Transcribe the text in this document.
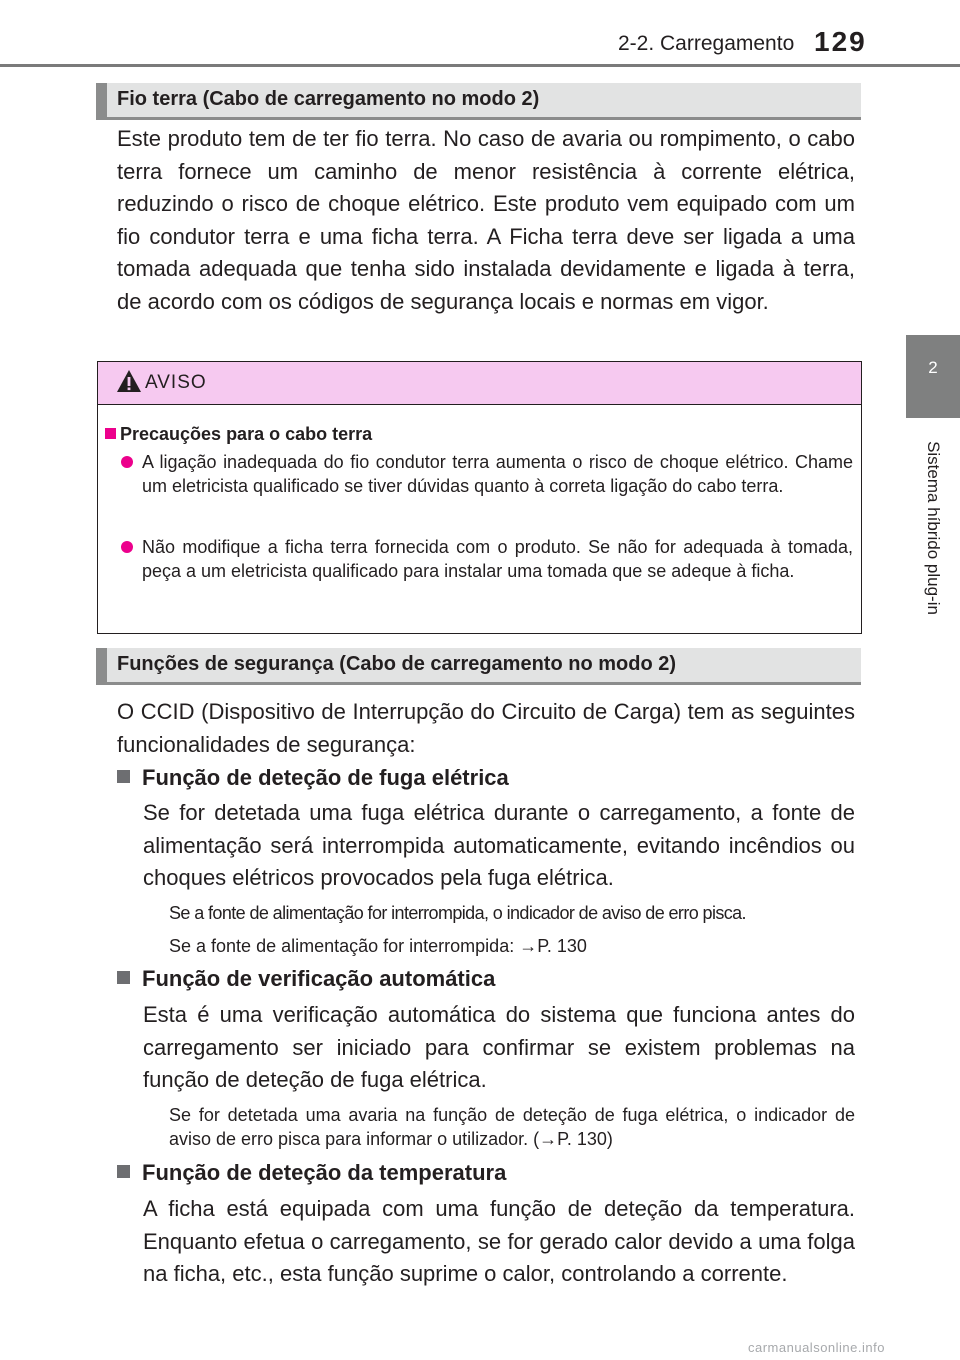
2-2. Carregamento 129
2
Sistema híbrido plug-in
Fio terra (Cabo de carregamento no modo 2)
Este produto tem de ter fio terra. No caso de avaria ou rompimento, o cabo terra fornece um caminho de menor resistência à corrente elétrica, reduzindo o risco de choque elétrico. Este produto vem equipado com um fio condutor terra e uma ficha terra. A Ficha terra deve ser ligada a uma tomada adequada que tenha sido instalada devidamente e ligada à terra, de acordo com os códigos de segurança locais e normas em vigor.
AVISO
Precauções para o cabo terra
A ligação inadequada do fio condutor terra aumenta o risco de choque elétrico. Chame um eletricista qualificado se tiver dúvidas quanto à correta ligação do cabo terra.
Não modifique a ficha terra fornecida com o produto. Se não for adequada à tomada, peça a um eletricista qualificado para instalar uma tomada que se adeque à ficha.
Funções de segurança (Cabo de carregamento no modo 2)
O CCID (Dispositivo de Interrupção do Circuito de Carga) tem as seguintes funcionalidades de segurança:
Função de deteção de fuga elétrica
Se for detetada uma fuga elétrica durante o carregamento, a fonte de alimentação será interrompida automaticamente, evitando incêndios ou choques elétricos provocados pela fuga elétrica.
Se a fonte de alimentação for interrompida, o indicador de aviso de erro pisca.
Se a fonte de alimentação for interrompida: →P. 130
Função de verificação automática
Esta é uma verificação automática do sistema que funciona antes do carregamento ser iniciado para confirmar se existem problemas na função de deteção de fuga elétrica.
Se for detetada uma avaria na função de deteção de fuga elétrica, o indicador de aviso de erro pisca para informar o utilizador. (→P. 130)
Função de deteção da temperatura
A ficha está equipada com uma função de deteção da temperatura. Enquanto efetua o carregamento, se for gerado calor devido a uma folga na ficha, etc., esta função suprime o calor, controlando a corrente.
carmanualsonline.info
